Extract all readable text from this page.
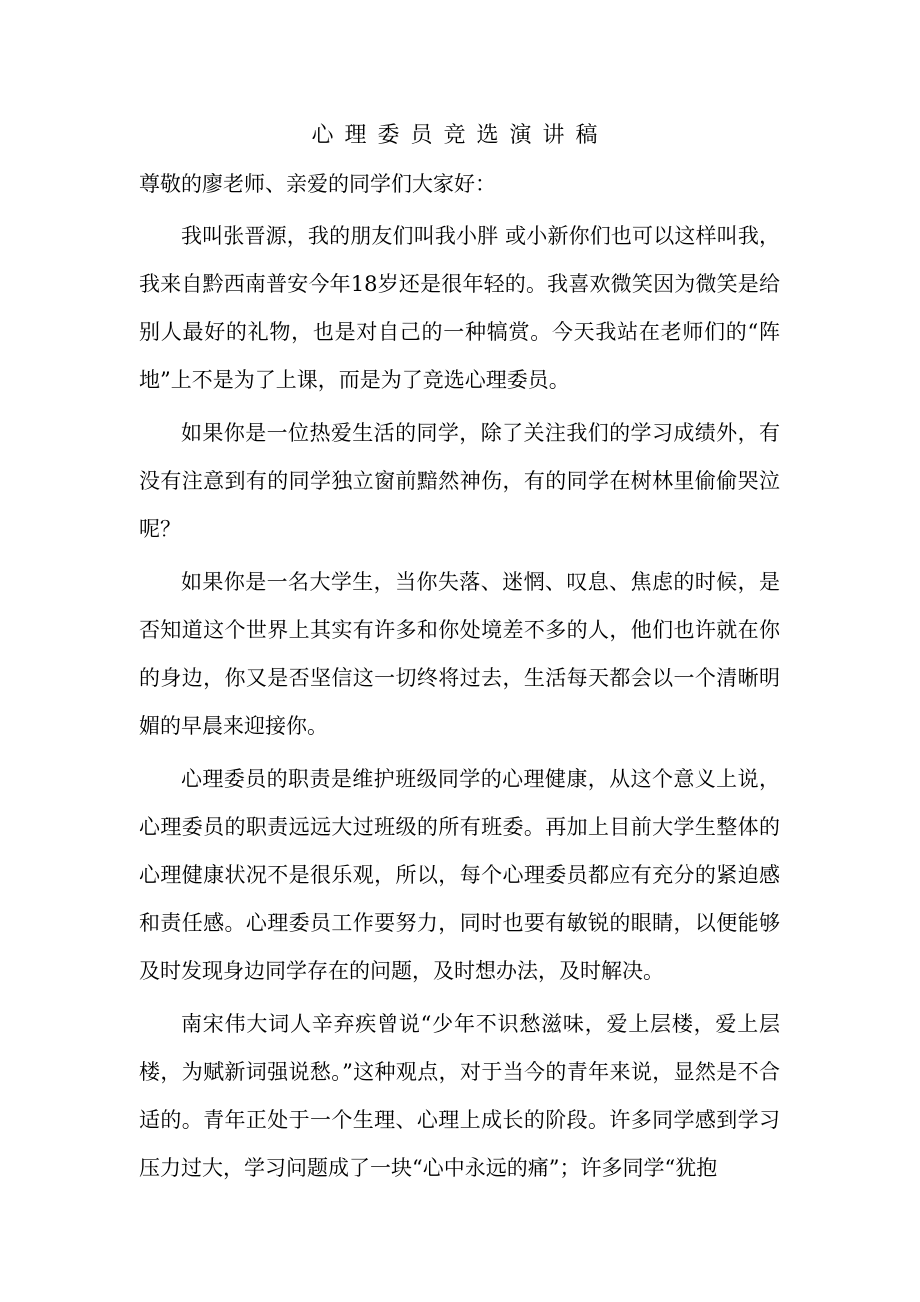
心理委员竞选演讲稿

尊敬的廖老师、亲爱的同学们大家好：

我叫张晋源，我的朋友们叫我小胖 或小新你们也可以这样叫我，我来自黔西南普安今年18岁还是很年轻的。我喜欢微笑因为微笑是给别人最好的礼物，也是对自己的一种犒赏。今天我站在老师们的“阵地”上不是为了上课，而是为了竞选心理委员。

如果你是一位热爱生活的同学，除了关注我们的学习成绩外，有没有注意到有的同学独立窗前黯然神伤，有的同学在树林里偷偷哭泣呢？

如果你是一名大学生，当你失落、迷惘、叹息、焦虑的时候，是否知道这个世界上其实有许多和你处境差不多的人，他们也许就在你的身边，你又是否坚信这一切终将过去，生活每天都会以一个清晰明媚的早晨来迎接你。

心理委员的职责是维护班级同学的心理健康，从这个意义上说，心理委员的职责远远大过班级的所有班委。再加上目前大学生整体的心理健康状况不是很乐观，所以，每个心理委员都应有充分的紧迫感和责任感。心理委员工作要努力，同时也要有敏锐的眼睛，以便能够及时发现身边同学存在的问题，及时想办法，及时解决。

南宋伟大词人辛弃疾曾说“少年不识愁滋味，爱上层楼，爱上层楼，为赋新词强说愁。”这种观点，对于当今的青年来说，显然是不合适的。青年正处于一个生理、心理上成长的阶段。许多同学感到学习压力过大，学习问题成了一块“心中永远的痛”；许多同学“犹抱
